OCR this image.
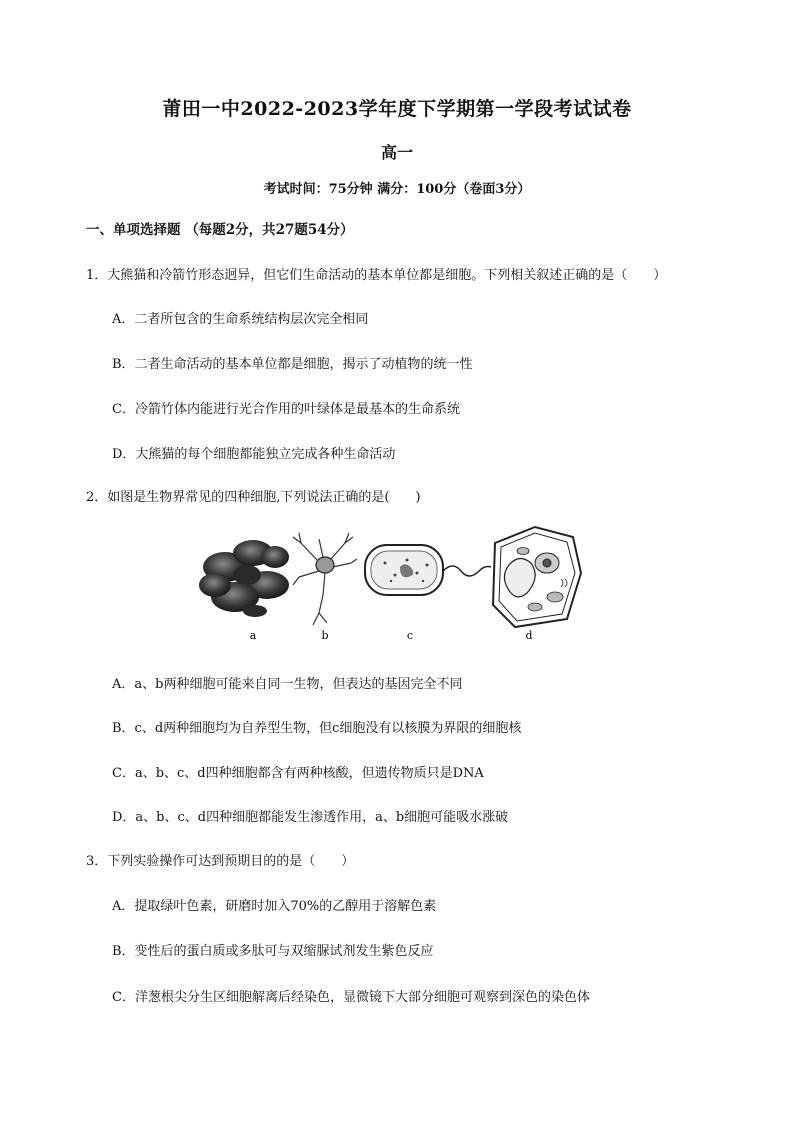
莆田一中2022-2023学年度下学期第一学段考试试卷
高一
考试时间：75分钟 满分：100分（卷面3分）
一、单项选择题 （每题2分，共27题54分）
1．大熊猫和冷箭竹形态迥异，但它们生命活动的基本单位都是细胞。下列相关叙述正确的是（　　）
A．二者所包含的生命系统结构层次完全相同
B．二者生命活动的基本单位都是细胞，揭示了动植物的统一性
C．冷箭竹体内能进行光合作用的叶绿体是最基本的生命系统
D．大熊猫的每个细胞都能独立完成各种生命活动
2．如图是生物界常见的四种细胞,下列说法正确的是(　　)
a	b	c	d
A．a、b两种细胞可能来自同一生物，但表达的基因完全不同
B．c、d两种细胞均为自养型生物，但c细胞没有以核膜为界限的细胞核
C．a、b、c、d四种细胞都含有两种核酸，但遗传物质只是DNA
D．a、b、c、d四种细胞都能发生渗透作用，a、b细胞可能吸水涨破
3．下列实验操作可达到预期目的的是（　　）
A．提取绿叶色素，研磨时加入70%的乙醇用于溶解色素
B．变性后的蛋白质或多肽可与双缩脲试剂发生紫色反应
C．洋葱根尖分生区细胞解离后经染色，显微镜下大部分细胞可观察到深色的染色体
